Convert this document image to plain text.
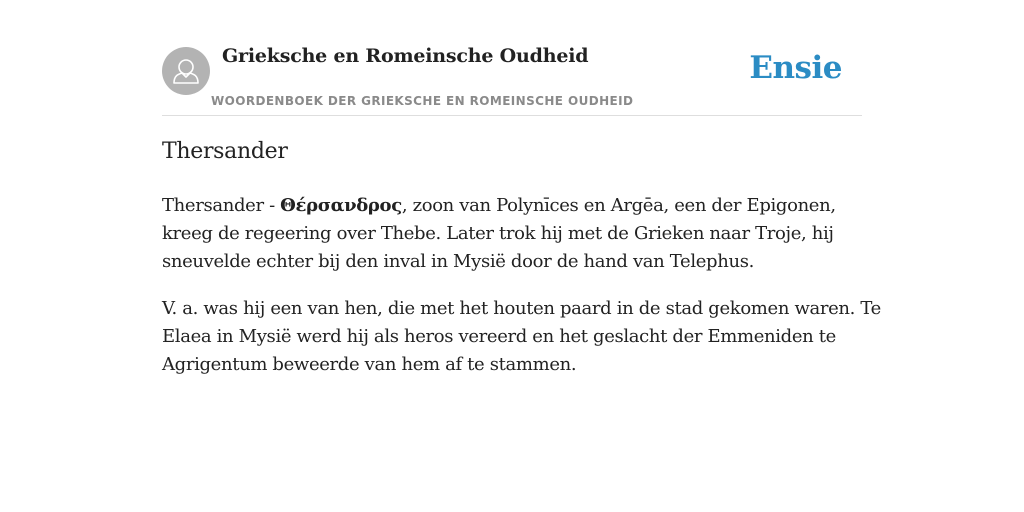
Grieksche en Romeinsche Oudheid
WOORDENBOEK DER GRIEKSCHE EN ROMEINSCHE OUDHEID
Ensie
Thersander

Thersander - Θέρσανδρος, zoon van Polynīces en Argēa, een der Epigonen, kreeg de regeering over Thebe. Later trok hij met de Grieken naar Troje, hij sneuvelde echter bij den inval in Mysië door de hand van Telephus.

V. a. was hij een van hen, die met het houten paard in de stad gekomen waren. Te Elaea in Mysië werd hij als heros vereerd en het geslacht der Emmeniden te Agrigentum beweerde van hem af te stammen.
